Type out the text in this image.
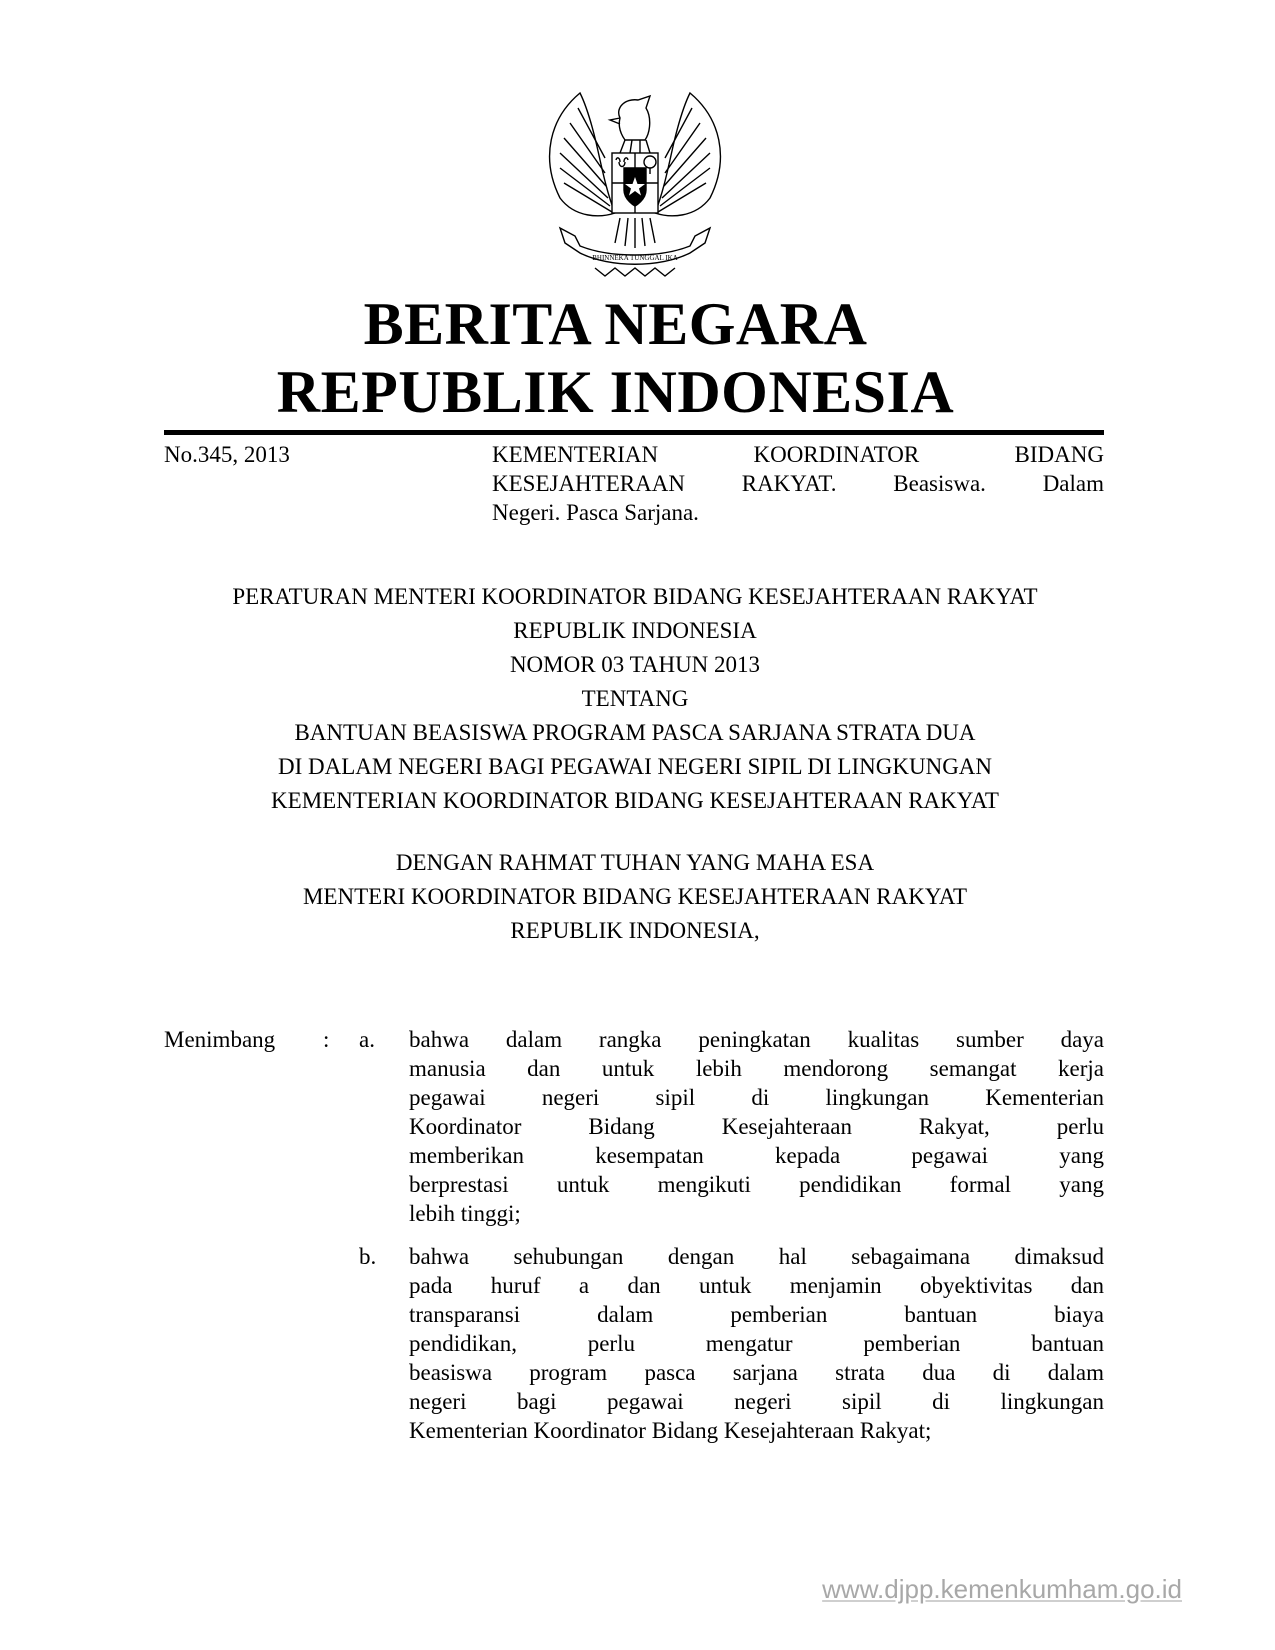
BHINNEKA TUNGGAL IKA
BERITA NEGARA
REPUBLIK INDONESIA
No.345, 2013	KEMENTERIAN KOORDINATOR BIDANG
KESEJAHTERAAN RAKYAT. Beasiswa. Dalam
Negeri. Pasca Sarjana.
PERATURAN MENTERI KOORDINATOR BIDANG KESEJAHTERAAN RAKYAT
REPUBLIK INDONESIA
NOMOR 03 TAHUN 2013
TENTANG
BANTUAN BEASISWA PROGRAM PASCA SARJANA STRATA DUA
DI DALAM NEGERI BAGI PEGAWAI NEGERI SIPIL DI LINGKUNGAN
KEMENTERIAN KOORDINATOR BIDANG KESEJAHTERAAN RAKYAT
DENGAN RAHMAT TUHAN YANG MAHA ESA
MENTERI KOORDINATOR BIDANG KESEJAHTERAAN RAKYAT
REPUBLIK INDONESIA,
Menimbang : a. bahwa dalam rangka peningkatan kualitas sumber daya
manusia dan untuk lebih mendorong semangat kerja
pegawai negeri sipil di lingkungan Kementerian
Koordinator Bidang Kesejahteraan Rakyat, perlu
memberikan kesempatan kepada pegawai yang
berprestasi untuk mengikuti pendidikan formal yang
lebih tinggi;
b. bahwa sehubungan dengan hal sebagaimana dimaksud
pada huruf a dan untuk menjamin obyektivitas dan
transparansi dalam pemberian bantuan biaya
pendidikan, perlu mengatur pemberian bantuan
beasiswa program pasca sarjana strata dua di dalam
negeri bagi pegawai negeri sipil di lingkungan
Kementerian Koordinator Bidang Kesejahteraan Rakyat;
www.djpp.kemenkumham.go.id
